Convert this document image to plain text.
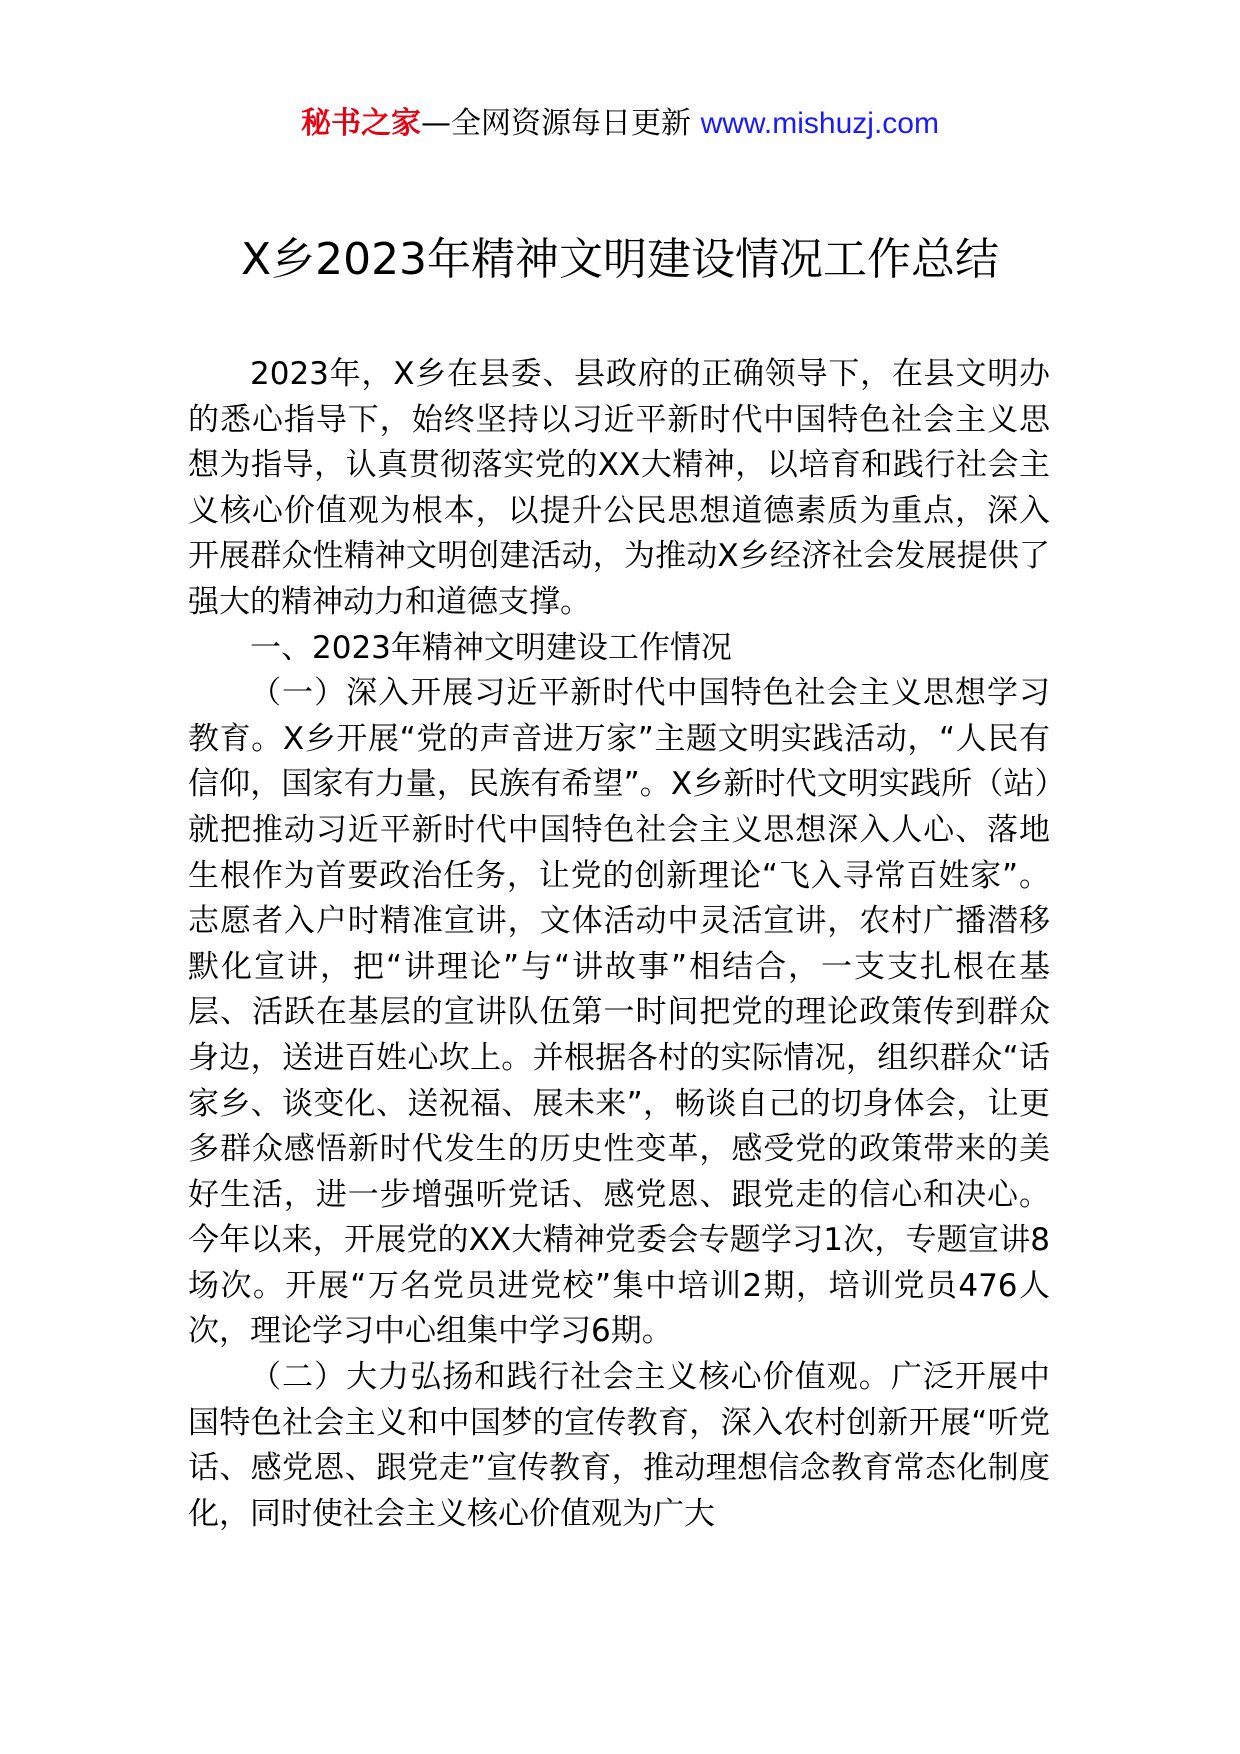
秘书之家—全网资源每日更新 www.mishuzj.com
X乡2023年精神文明建设情况工作总结

2023年，X乡在县委、县政府的正确领导下，在县文明办的悉心指导下，始终坚持以习近平新时代中国特色社会主义思想为指导，认真贯彻落实党的XX大精神，以培育和践行社会主义核心价值观为根本，以提升公民思想道德素质为重点，深入开展群众性精神文明创建活动，为推动X乡经济社会发展提供了强大的精神动力和道德支撑。

一、2023年精神文明建设工作情况

（一）深入开展习近平新时代中国特色社会主义思想学习教育。X乡开展“党的声音进万家”主题文明实践活动，“人民有信仰，国家有力量，民族有希望”。X乡新时代文明实践所（站）就把推动习近平新时代中国特色社会主义思想深入人心、落地生根作为首要政治任务，让党的创新理论“飞入寻常百姓家”。志愿者入户时精准宣讲，文体活动中灵活宣讲，农村广播潜移默化宣讲，把“讲理论”与“讲故事”相结合，一支支扎根在基层、活跃在基层的宣讲队伍第一时间把党的理论政策传到群众身边，送进百姓心坎上。并根据各村的实际情况，组织群众“话家乡、谈变化、送祝福、展未来”，畅谈自己的切身体会，让更多群众感悟新时代发生的历史性变革，感受党的政策带来的美好生活，进一步增强听党话、感党恩、跟党走的信心和决心。今年以来，开展党的XX大精神党委会专题学习1次，专题宣讲8场次。开展“万名党员进党校”集中培训2期，培训党员476人次，理论学习中心组集中学习6期。

（二）大力弘扬和践行社会主义核心价值观。广泛开展中国特色社会主义和中国梦的宣传教育，深入农村创新开展“听党话、感党恩、跟党走”宣传教育，推动理想信念教育常态化制度化，同时使社会主义核心价值观为广大
